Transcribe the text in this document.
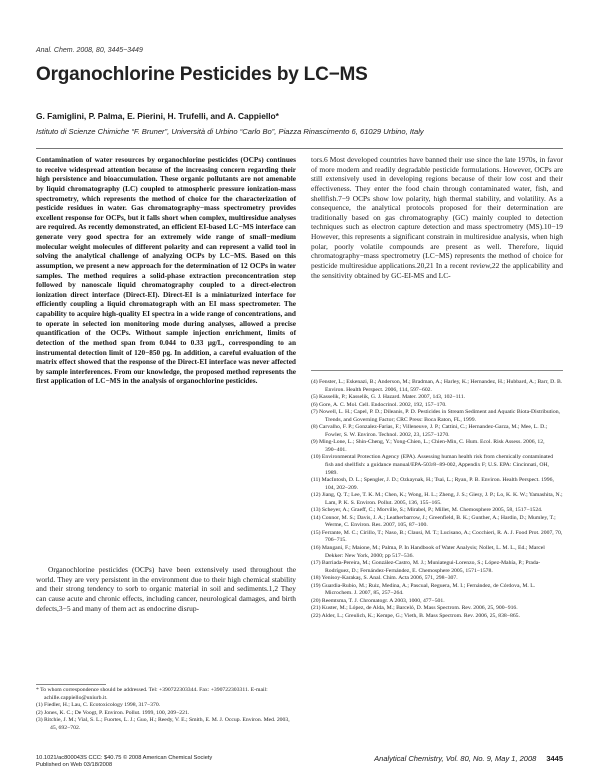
Anal. Chem. 2008, 80, 3445−3449
Organochlorine Pesticides by LC−MS
G. Famiglini, P. Palma, E. Pierini, H. Trufelli, and A. Cappiello*
Istituto di Scienze Chimiche “F. Bruner”, Università di Urbino “Carlo Bo”, Piazza Rinascimento 6, 61029 Urbino, Italy

Contamination of water resources by organochlorine pesticides (OCPs) continues to receive widespread attention because of the increasing concern regarding their high persistence and bioaccumulation. These organic pollutants are not amenable by liquid chromatography (LC) coupled to atmospheric pressure ionization-mass spectrometry, which represents the method of choice for the characterization of pesticide residues in water. Gas chromatography−mass spectrometry provides excellent response for OCPs, but it falls short when complex, multiresidue analyses are required. As recently demonstrated, an efficient EI-based LC−MS interface can generate very good spectra for an extremely wide range of small−medium molecular weight molecules of different polarity and can represent a valid tool in solving the analytical challenge of analyzing OCPs by LC−MS. Based on this assumption, we present a new approach for the determination of 12 OCPs in water samples. The method requires a solid-phase extraction preconcentration step followed by nanoscale liquid chromatography coupled to a direct-electron ionization direct interface (Direct-EI). Direct-EI is a miniaturized interface for efficiently coupling a liquid chromatograph with an EI mass spectrometer. The capability to acquire high-quality EI spectra in a wide range of concentrations, and to operate in selected ion monitoring mode during analyses, allowed a precise quantification of the OCPs. Without sample injection enrichment, limits of detection of the method span from 0.044 to 0.33 µg/L, corresponding to an instrumental detection limit of 120−850 pg. In addition, a careful evaluation of the matrix effect showed that the response of the Direct-EI interface was never affected by sample interferences. From our knowledge, the proposed method represents the first application of LC−MS in the analysis of organochlorine pesticides.

Organochlorine pesticides (OCPs) have been extensively used throughout the world. They are very persistent in the environment due to their high chemical stability and their strong tendency to sorb to organic material in soil and sediments.1,2 They can cause acute and chronic effects, including cancer, neurological damages, and birth defects,3−5 and many of them act as endocrine disrup-

* To whom correspondence should be addressed. Tel: +390722303344. Fax: +390722303311. E-mail: achille.cappiello@uniurb.it.
(1) Fiedler, H.; Lau, C. Ecotoxicology 1998, 317−370.
(2) Jones, K. C.; De Voogt, P. Environ. Pollut. 1999, 100, 209−221.
(3) Ritchie, J. M.; Vial, S. L.; Fuortes, L. J.; Guo, H.; Reedy, V. E.; Smith, E. M. J. Occup. Environ. Med. 2003, 45, 692−702.

tors.6 Most developed countries have banned their use since the late 1970s, in favor of more modern and readily degradable pesticide formulations. However, OCPs are still extensively used in developing regions because of their low cost and their effectiveness. They enter the food chain through contaminated water, fish, and shellfish.7−9 OCPs show low polarity, high thermal stability, and volatility. As a consequence, the analytical protocols proposed for their determination are traditionally based on gas chromatography (GC) mainly coupled to detection techniques such as electron capture detection and mass spectrometry (MS).10−19 However, this represents a significant constrain in multiresidue analysis, when high polar, poorly volatile compounds are present as well. Therefore, liquid chromatography−mass spectrometry (LC−MS) represents the method of choice for pesticide multiresidue applications.20,21 In a recent review,22 the applicability and the sensitivity obtained by GC-EI-MS and LC-

(4) Fenster, L.; Eskenazi, B.; Anderson, M.; Bradman, A.; Harley, K.; Hernandez, H.; Hubbard, A.; Barr, D. B. Environ. Health Perspect. 2006, 114, 597−602.
(5) Kasselik, P.; Kasselik, G. J. Hazard. Mater. 2007, 143, 102−111.
(6) Gore, A. C. Mol. Cell. Endocrinol. 2002, 192, 157−170.
(7) Nowell, L. H.; Capel, P. D.; Dileanis, P. D. Pesticides in Stream Sediment and Aquatic Biota-Distribution, Trends, and Governing Factor; CRC Press: Boca Raton, FL, 1999.
(8) Carvalho, F. P.; Gonzalez-Farias, F.; Villeneuve, J. P.; Cattini, C.; Hernandez-Garza, M.; Mee, L. D.; Fowler, S. W. Environ. Technol. 2002, 23, 1257−1270.
(9) Ming-Lone, L.; Shin-Cheng, Y.; Yong-Chien, L.; Chien-Min, C. Hum. Ecol. Risk Assess. 2006, 12, 390−401.
(10) Environmental Protection Agency (EPA). Assessing human health risk from chemically contaminated fish and shellfish: a guidance manual/EPA-503/8−89-002, Appendix F; U.S. EPA: Cincinnati, OH, 1989.
(11) MacIntosh, D. L.; Spengler, J. D.; Ozkaynak, H.; Tsai, L.; Ryan, P. B. Environ. Health Perspect. 1996, 104, 202−209.
(12) Jiang, Q. T.; Lee, T. K. M.; Chen, K.; Wong, H. L.; Zheng, J. S.; Giesy, J. P.; Lo, K. K. W.; Yamashita, N.; Lam, P. K. S. Environ. Pollut. 2005, 136, 155−165.
(13) Scheyer, A.; Graeff, C.; Morville, S.; Mirabel, P.; Millet, M. Chemosphere 2005, 58, 1517−1524.
(14) Connor, M. S.; Davis, J. A.; Leatherbarrow, J.; Greenfield, B. K.; Gunther, A.; Hardin, D.; Mumley, T.; Werme, C. Environ. Res. 2007, 105, 87−100.
(15) Ferrante, M. C.; Cirillo, T.; Naso, B.; Clausi, M. T.; Lucisano, A.; Cocchieri, R. A. J. Food Prot. 2007, 70, 706−715.
(16) Mangani, F.; Maione, M.; Palma, P. In Handbook of Water Analysis; Nollet, L. M. L., Ed.; Marcel Dekker: New York, 2000; pp 517−536.
(17) Barriada-Pereira, M.; González-Castro, M. J.; Muniategui-Lorenzo, S.; López-Mahía, P.; Prada-Rodríguez, D.; Fernández-Fernández, E. Chemosphere 2005, 1571−1578.
(18) Yenisoy-Karakaş, S. Anal. Chim. Acta 2006, 571, 298−307.
(19) Guardia-Rubio, M.; Ruiz, Medina, A.; Pascual, Reguera, M. I.; Fernández, de Córdova, M. L. Microchem. J. 2007, 85, 257−264.
(20) Reemtsma, T. J. Chromatogr. A 2003, 1000, 477−501.
(21) Kuster, M.; López, de Alda, M.; Barceló, D. Mass Spectrom. Rev. 2006, 25, 900−916.
(22) Alder, L.; Greulich, K.; Kempe, G.; Vieth, B. Mass Spectrom. Rev. 2006, 25, 838−865.
10.1021/ac800043S CCC: $40.75 © 2008 American Chemical Society
Published on Web 03/18/2008
Analytical Chemistry, Vol. 80, No. 9, May 1, 2008 3445
